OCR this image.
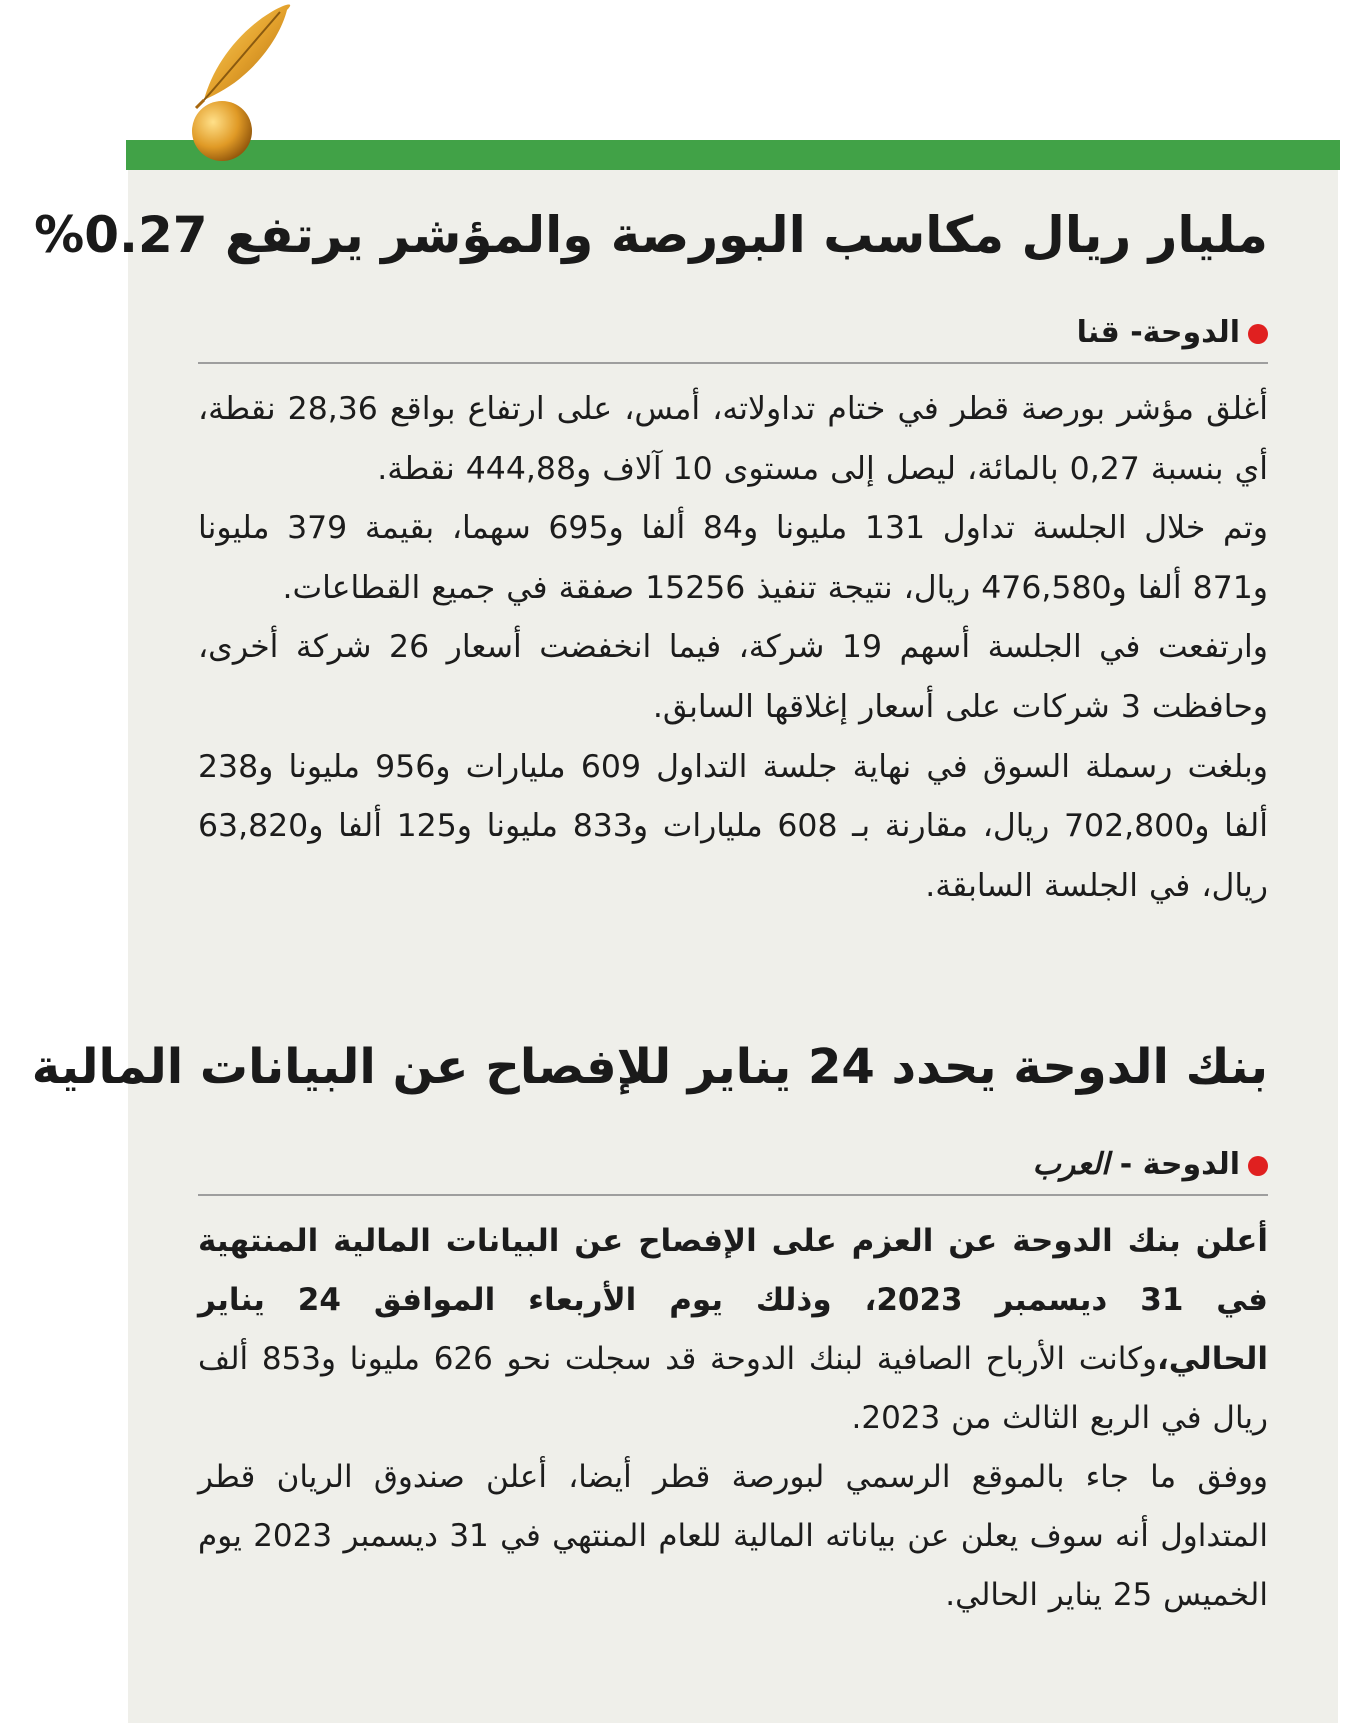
مليار ريال مكاسب البورصة والمؤشر يرتفع 0.27%
الدوحة- قنا

أغلق مؤشر بورصة قطر في ختام تداولاته، أمس، على ارتفاع بواقع 28,36 نقطة، أي بنسبة 0,27 بالمائة، ليصل إلى مستوى 10 آلاف و444,88 نقطة.

وتم خلال الجلسة تداول 131 مليونا و84 ألفا و695 سهما، بقيمة 379 مليونا و871 ألفا و476,580 ريال، نتيجة تنفيذ 15256 صفقة في جميع القطاعات.

وارتفعت في الجلسة أسهم 19 شركة، فيما انخفضت أسعار 26 شركة أخرى، وحافظت 3 شركات على أسعار إغلاقها السابق.

وبلغت رسملة السوق في نهاية جلسة التداول 609 مليارات و956 مليونا و238 ألفا و702,800 ريال، مقارنة بـ 608 مليارات و833 مليونا و125 ألفا و63,820 ريال، في الجلسة السابقة.

بنك الدوحة يحدد 24 يناير للإفصاح عن البيانات المالية
الدوحة - العرب

أعلن بنك الدوحة عن العزم على الإفصاح عن البيانات المالية المنتهية في 31 ديسمبر 2023، وذلك يوم الأربعاء الموافق 24 يناير الحالي،وكانت الأرباح الصافية لبنك الدوحة قد سجلت نحو 626 مليونا و853 ألف ريال في الربع الثالث من 2023.

ووفق ما جاء بالموقع الرسمي لبورصة قطر أيضا، أعلن صندوق الريان قطر المتداول أنه سوف يعلن عن بياناته المالية للعام المنتهي في 31 ديسمبر 2023 يوم الخميس 25 يناير الحالي.
